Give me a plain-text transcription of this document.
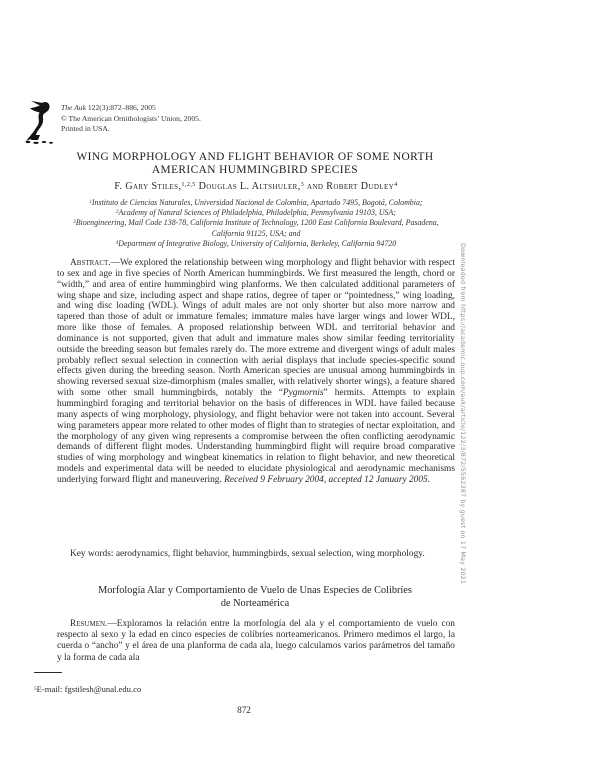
The Auk 122(3):872–886, 2005
© The American Ornithologists’ Union, 2005.
Printed in USA.
WING MORPHOLOGY AND FLIGHT BEHAVIOR OF SOME NORTH
AMERICAN HUMMINGBIRD SPECIES
F. Gary Stiles,$^{1,2,5}$ Douglas L. Altshuler,$^3$ and Robert Dudley$^4$
$^1$Instituto de Ciencias Naturales, Universidad Nacional de Colombia, Apartado 7495, Bogotá, Colombia;
$^2$Academy of Natural Sciences of Philadelphia, Philadelphia, Pennsylvania 19103, USA;
$^3$Bioengineering, Mail Code 138-78, California Institute of Technology, 1200 East California Boulevard, Pasadena,
California 91125, USA; and
$^4$Department of Integrative Biology, University of California, Berkeley, California 94720

Abstract.—We explored the relationship between wing morphology and flight behavior with respect to sex and age in five species of North American hummingbirds. We first measured the length, chord or “width,” and area of entire hummingbird wing planforms. We then calculated additional parameters of wing shape and size, including aspect and shape ratios, degree of taper or “pointedness,” wing loading, and wing disc loading (WDL). Wings of adult males are not only shorter but also more narrow and tapered than those of adult or immature females; immature males have larger wings and lower WDL, more like those of females. A proposed relationship between WDL and territorial behavior and dominance is not supported, given that adult and immature males show similar feeding territoriality outside the breeding season but females rarely do. The more extreme and divergent wings of adult males probably reflect sexual selection in connection with aerial displays that include species-specific sound effects given during the breeding season. North American species are unusual among hummingbirds in showing reversed sexual size-dimorphism (males smaller, with relatively shorter wings), a feature shared with some other small hummingbirds, notably the “Pygmornis” hermits. Attempts to explain hummingbird foraging and territorial behavior on the basis of differences in WDL have failed because many aspects of wing morphology, physiology, and flight behavior were not taken into account. Several wing parameters appear more related to other modes of flight than to strategies of nectar exploitation, and the morphology of any given wing represents a compromise between the often conflicting aerodynamic demands of different flight modes. Understanding hummingbird flight will require broad comparative studies of wing morphology and wingbeat kinematics in relation to flight behavior, and new theoretical models and experimental data will be needed to elucidate physiological and aerodynamic mechanisms underlying forward flight and maneuvering. Received 9 February 2004, accepted 12 January 2005.

Key words: aerodynamics, flight behavior, hummingbirds, sexual selection, wing morphology.

Morfología Alar y Comportamiento de Vuelo de Unas Especies de Colibríes
de Norteamérica

Resumen.—Exploramos la relación entre la morfología del ala y el comportamiento de vuelo con respecto al sexo y la edad en cinco especies de colibríes norteamericanos. Primero medimos el largo, la cuerda o “ancho” y el área de una planforma de cada ala, luego calculamos varios parámetros del tamaño y la forma de cada ala

$^5$E-mail: fgstilesh@unal.edu.co
872
Downloaded from https://academic.oup.com/auk/article/122/3/872/5562387 by guest on 17 May 2021
